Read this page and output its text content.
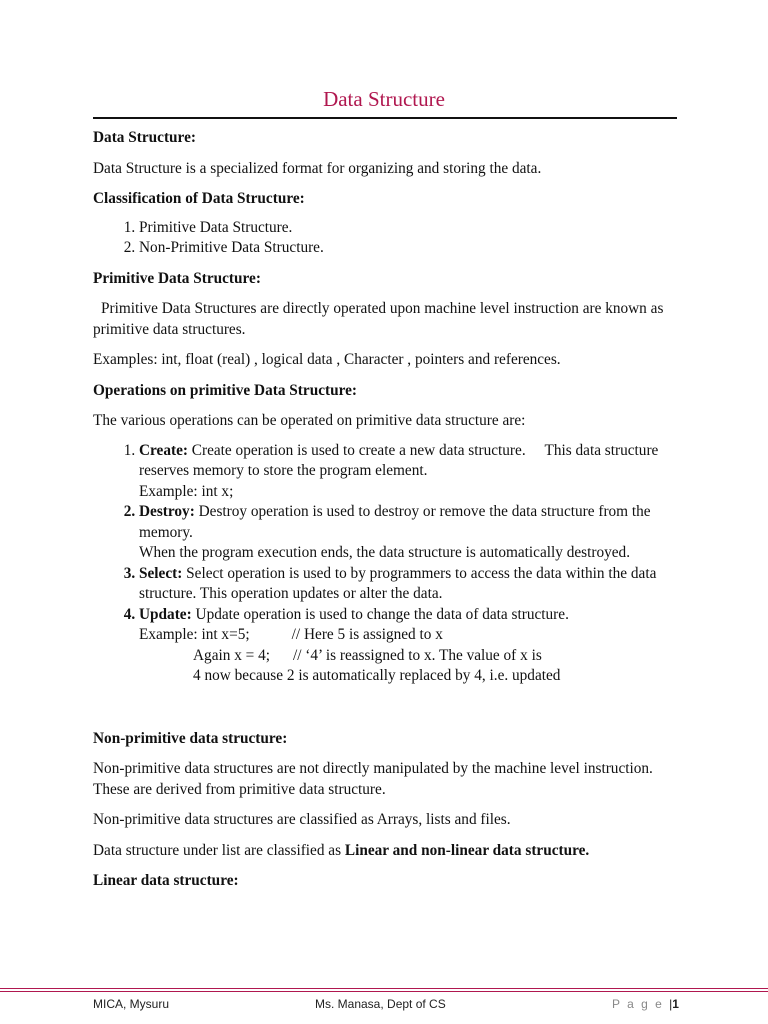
Data Structure

Data Structure:

Data Structure is a specialized format for organizing and storing the data.

Classification of Data Structure:

1. Primitive Data Structure.
2. Non-Primitive Data Structure.

Primitive Data Structure:

Primitive Data Structures are directly operated upon machine level instruction are known as primitive data structures.

Examples: int, float (real) , logical data , Character , pointers and references.

Operations on primitive Data Structure:

The various operations can be operated on primitive data structure are:

1. Create: Create operation is used to create a new data structure.     This data structure reserves memory to store the program element.
Example: int x;
2. Destroy: Destroy operation is used to destroy or remove the data structure from the memory.
When the program execution ends, the data structure is automatically destroyed.
3. Select: Select operation is used to by programmers to access the data within the data structure. This operation updates or alter the data.
4. Update: Update operation is used to change the data of data structure.
Example: int x=5;           // Here 5 is assigned to x
Again x = 4;      // ‘4’ is reassigned to x. The value of x is
4 now because 2 is automatically replaced by 4, i.e. updated

Non-primitive data structure:

Non-primitive data structures are not directly manipulated by the machine level instruction. These are derived from primitive data structure.

Non-primitive data structures are classified as Arrays, lists and files.

Data structure under list are classified as Linear and non-linear data structure.

Linear data structure:

MICA, Mysuru	Ms. Manasa, Dept of CS	P a g e |1
